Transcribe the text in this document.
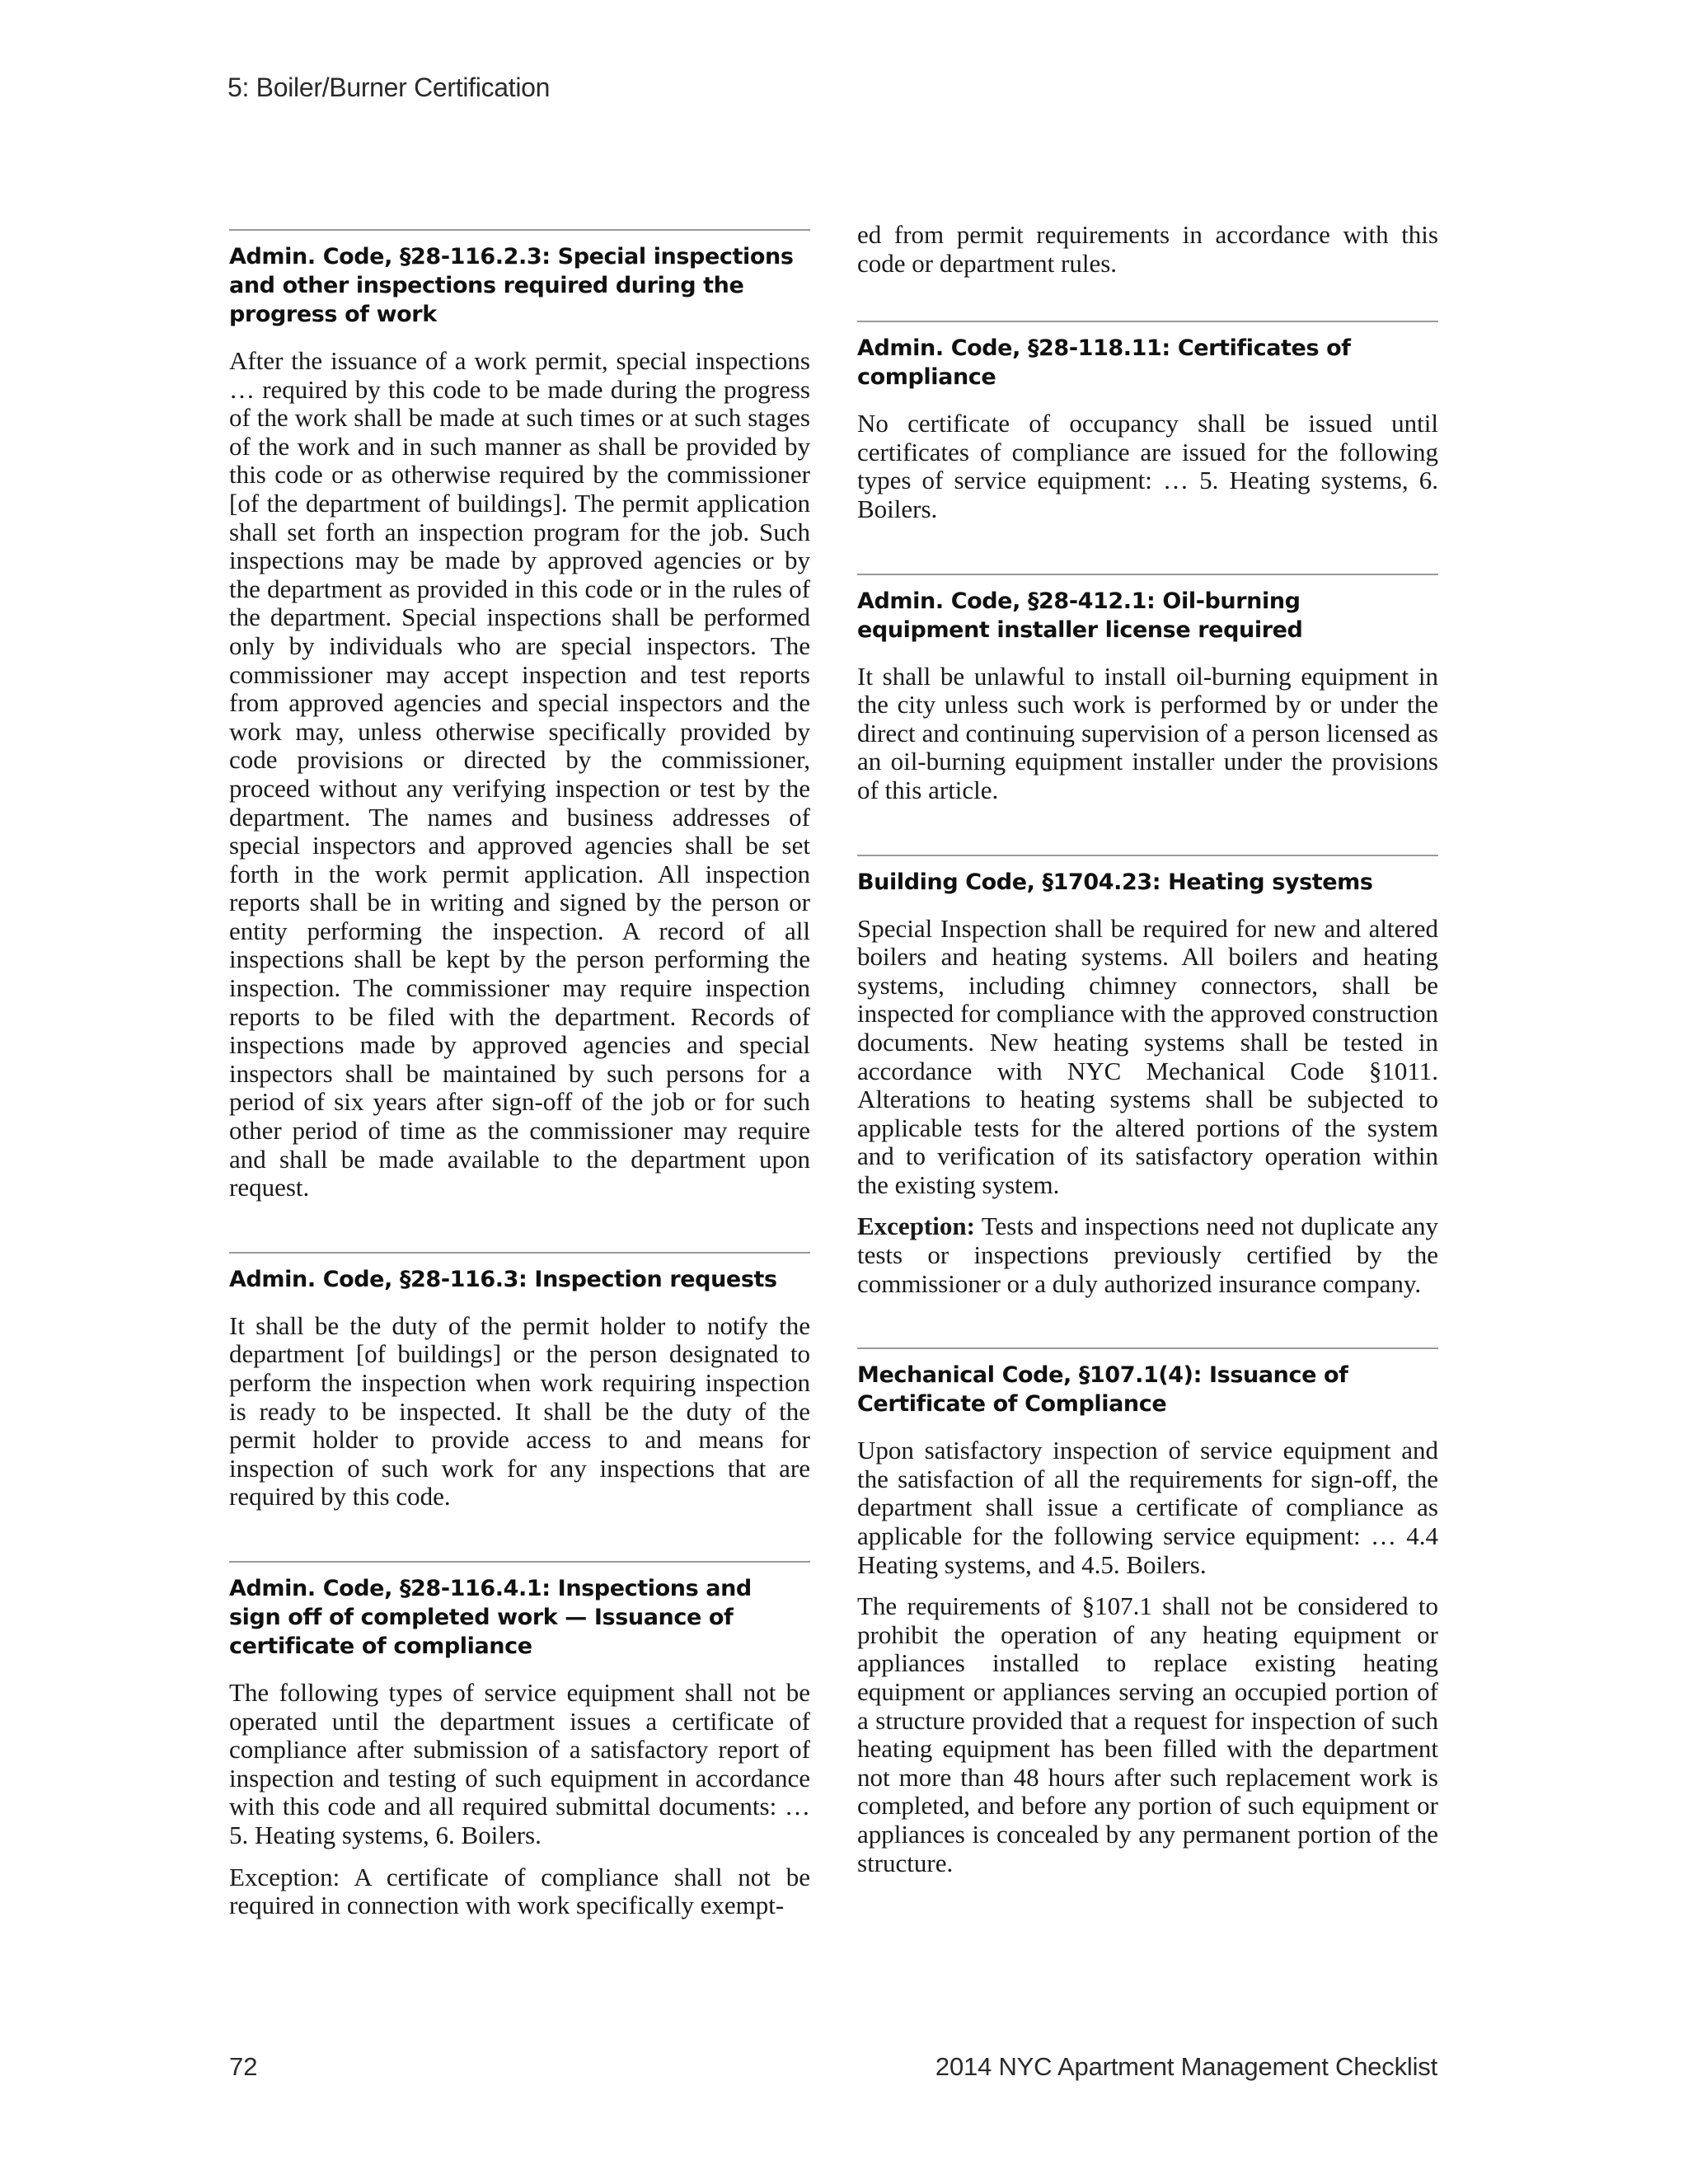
5: Boiler/Burner Certification
Admin. Code, §28-116.2.3: Special inspections and other inspections required during the progress of work

After the issuance of a work permit, special inspections … required by this code to be made during the progress of the work shall be made at such times or at such stages of the work and in such manner as shall be provided by this code or as otherwise required by the commissioner [of the department of buildings]. The permit application shall set forth an inspection program for the job. Such inspections may be made by approved agencies or by the department as provided in this code or in the rules of the department. Special inspections shall be performed only by individuals who are special inspectors. The commissioner may accept inspection and test reports from approved agencies and special inspectors and the work may, unless otherwise specifically provided by code provisions or directed by the commissioner, proceed without any verifying inspection or test by the department. The names and business addresses of special inspectors and approved agencies shall be set forth in the work permit application. All inspection reports shall be in writing and signed by the person or entity performing the inspection. A record of all inspections shall be kept by the person performing the inspection. The commissioner may require inspection reports to be filed with the department. Records of inspections made by approved agencies and special inspectors shall be maintained by such persons for a period of six years after sign-off of the job or for such other period of time as the commissioner may require and shall be made available to the department upon request.

Admin. Code, §28-116.3: Inspection requests

It shall be the duty of the permit holder to notify the department [of buildings] or the person designated to perform the inspection when work requiring inspection is ready to be inspected. It shall be the duty of the permit holder to provide access to and means for inspection of such work for any inspections that are required by this code.

Admin. Code, §28-116.4.1: Inspections and sign off of completed work — Issuance of certificate of compliance

The following types of service equipment shall not be operated until the department issues a certificate of compliance after submission of a satisfactory report of inspection and testing of such equipment in accordance with this code and all required submittal documents: … 5. Heating systems, 6. Boilers.

Exception: A certificate of compliance shall not be required in connection with work specifically exempt-

ed from permit requirements in accordance with this code or department rules.

Admin. Code, §28-118.11: Certificates of compliance

No certificate of occupancy shall be issued until certificates of compliance are issued for the following types of service equipment: … 5. Heating systems, 6. Boilers.

Admin. Code, §28-412.1: Oil-burning equipment installer license required

It shall be unlawful to install oil-burning equipment in the city unless such work is performed by or under the direct and continuing supervision of a person licensed as an oil-burning equipment installer under the provisions of this article.

Building Code, §1704.23: Heating systems

Special Inspection shall be required for new and altered boilers and heating systems. All boilers and heating systems, including chimney connectors, shall be inspected for compliance with the approved construction documents. New heating systems shall be tested in accordance with NYC Mechanical Code §1011. Alterations to heating systems shall be subjected to applicable tests for the altered portions of the system and to verification of its satisfactory operation within the existing system.

Exception: Tests and inspections need not duplicate any tests or inspections previously certified by the commissioner or a duly authorized insurance company.

Mechanical Code, §107.1(4): Issuance of Certificate of Compliance

Upon satisfactory inspection of service equipment and the satisfaction of all the requirements for sign-off, the department shall issue a certificate of compliance as applicable for the following service equipment: … 4.4 Heating systems, and 4.5. Boilers.

The requirements of §107.1 shall not be considered to prohibit the operation of any heating equipment or appliances installed to replace existing heating equipment or appliances serving an occupied portion of a structure provided that a request for inspection of such heating equipment has been filled with the department not more than 48 hours after such replacement work is completed, and before any portion of such equipment or appliances is concealed by any permanent portion of the structure.

72	2014 NYC Apartment Management Checklist
